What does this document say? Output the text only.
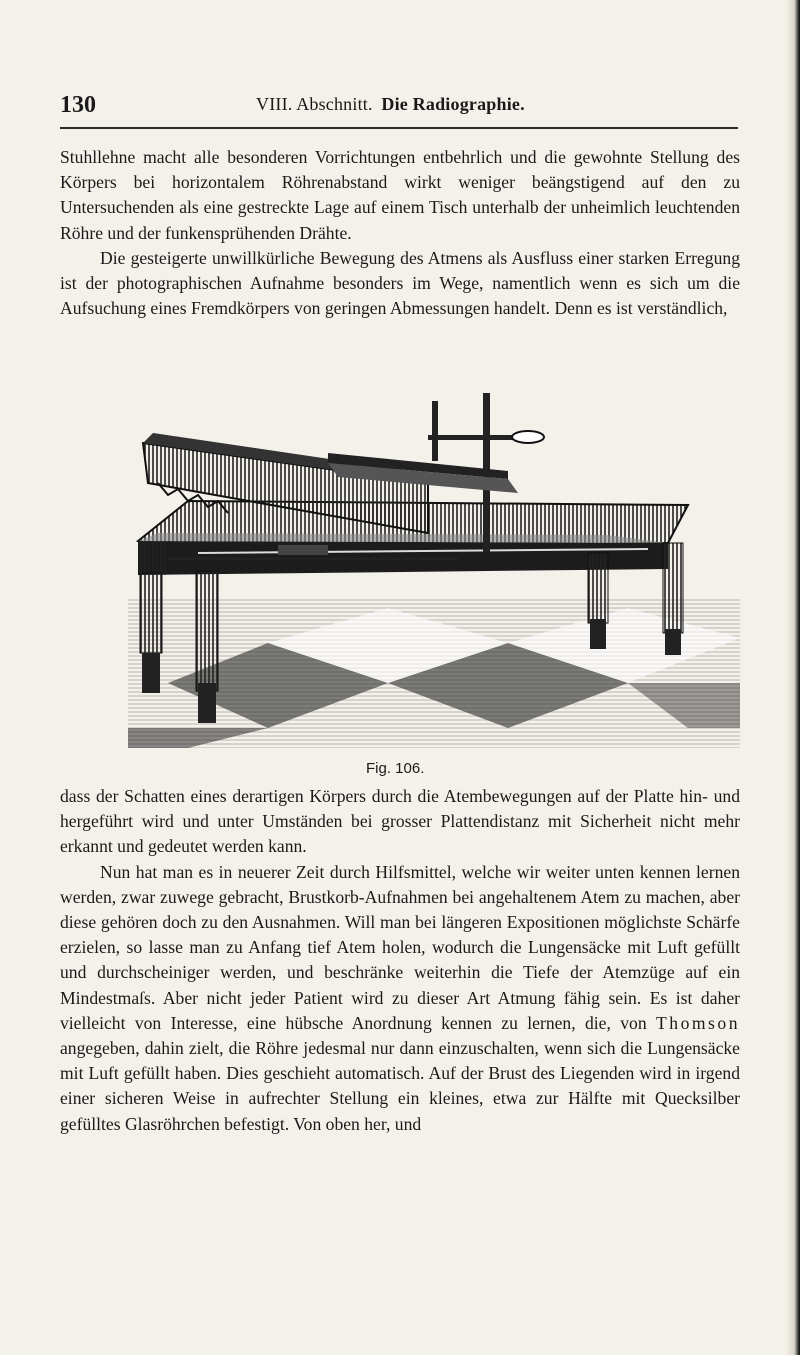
130	VIII. Abschnitt. Die Radiographie.

Stuhllehne macht alle besonderen Vorrichtungen entbehrlich und die gewohnte Stellung des Körpers bei horizontalem Röhrenabstand wirkt weniger beängstigend auf den zu Untersuchenden als eine gestreckte Lage auf einem Tisch unterhalb der unheimlich leuchtenden Röhre und der funkensprühenden Drähte.

Die gesteigerte unwillkürliche Bewegung des Atmens als Ausfluss einer starken Erregung ist der photographischen Aufnahme besonders im Wege, namentlich wenn es sich um die Aufsuchung eines Fremdkörpers von geringen Abmessungen handelt. Denn es ist verständlich,

Fig. 106.

dass der Schatten eines derartigen Körpers durch die Atembewegungen auf der Platte hin- und hergeführt wird und unter Umständen bei grosser Plattendistanz mit Sicherheit nicht mehr erkannt und gedeutet werden kann.

Nun hat man es in neuerer Zeit durch Hilfsmittel, welche wir weiter unten kennen lernen werden, zwar zuwege gebracht, Brustkorb-Aufnahmen bei angehaltenem Atem zu machen, aber diese gehören doch zu den Ausnahmen. Will man bei längeren Expositionen möglichste Schärfe erzielen, so lasse man zu Anfang tief Atem holen, wodurch die Lungensäcke mit Luft gefüllt und durchscheiniger werden, und beschränke weiterhin die Tiefe der Atemzüge auf ein Mindestmaſs. Aber nicht jeder Patient wird zu dieser Art Atmung fähig sein. Es ist daher vielleicht von Interesse, eine hübsche Anordnung kennen zu lernen, die, von Thomson angegeben, dahin zielt, die Röhre jedesmal nur dann einzuschalten, wenn sich die Lungensäcke mit Luft gefüllt haben. Dies geschieht automatisch. Auf der Brust des Liegenden wird in irgend einer sicheren Weise in aufrechter Stellung ein kleines, etwa zur Hälfte mit Quecksilber gefülltes Glasröhrchen befestigt. Von oben her, und
